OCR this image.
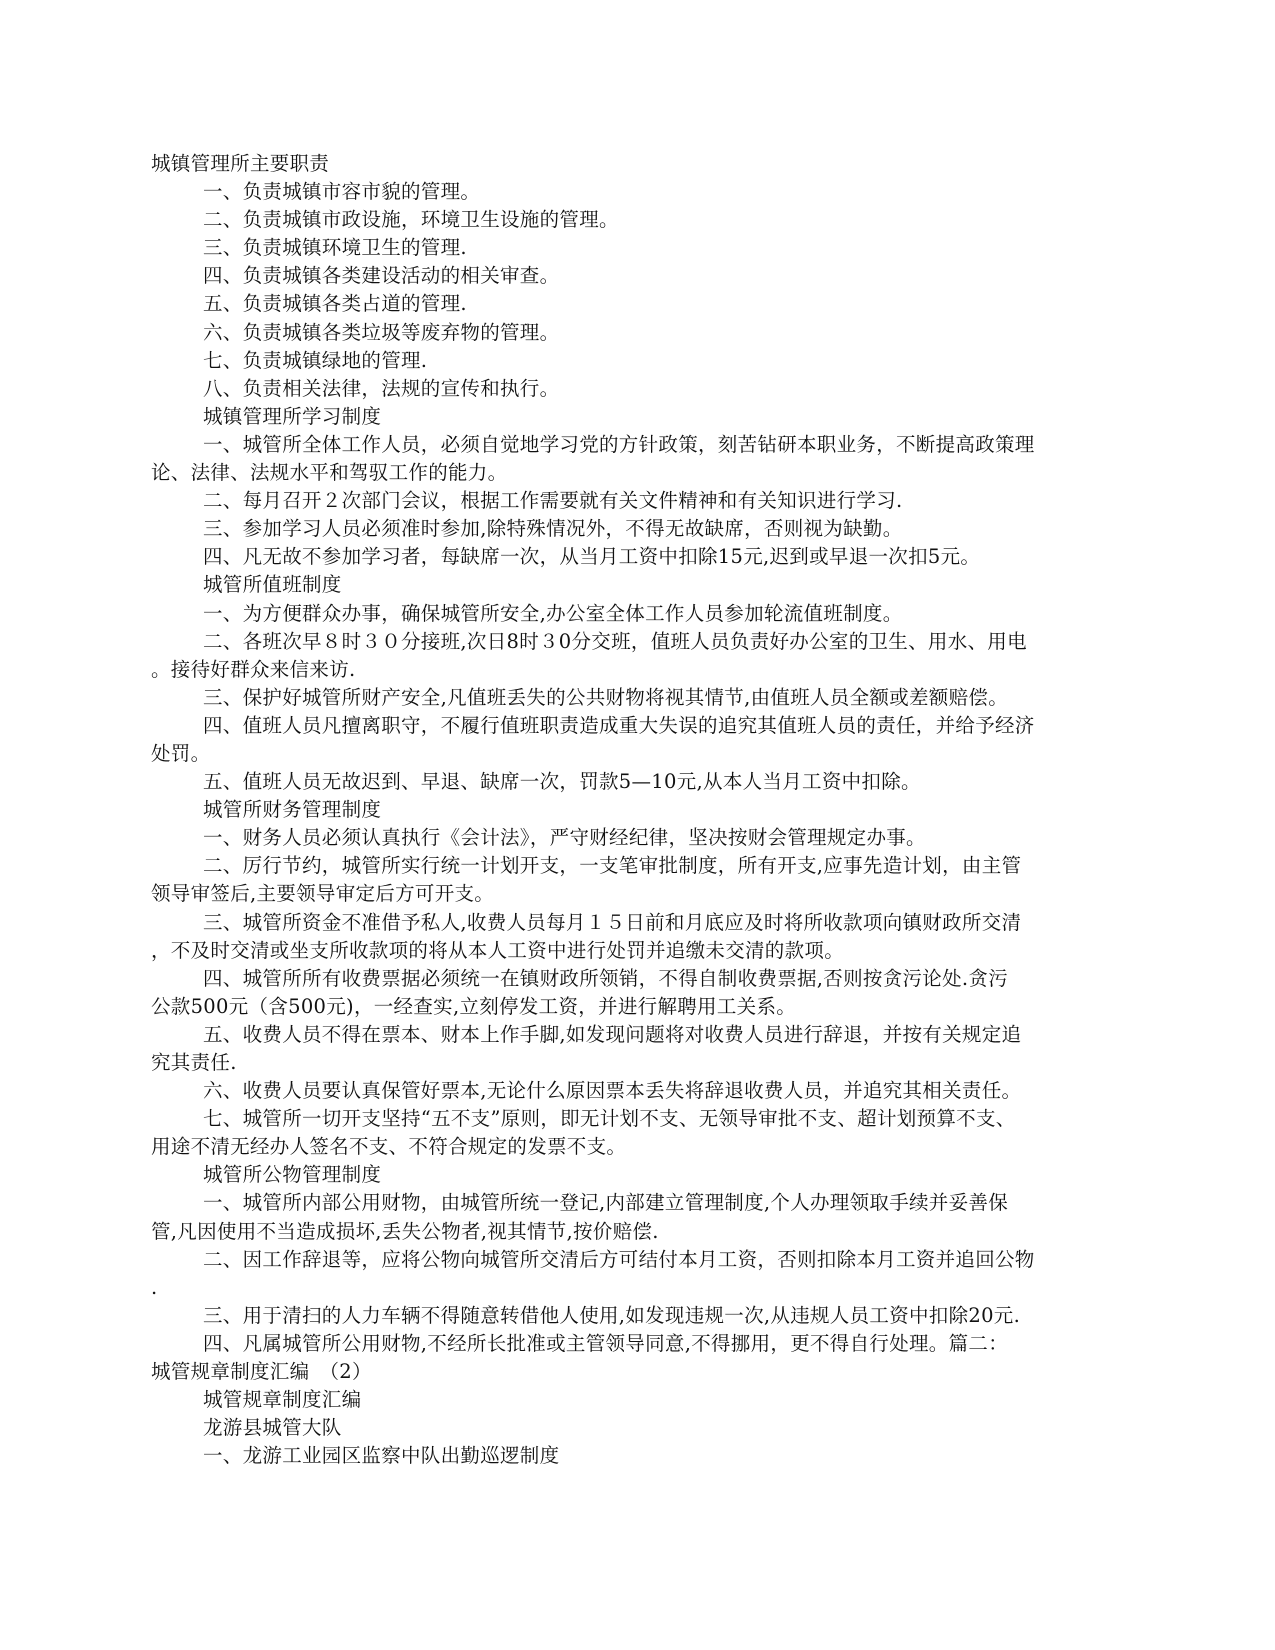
城镇管理所主要职责
一、负责城镇市容市貌的管理。
二、负责城镇市政设施，环境卫生设施的管理。
三、负责城镇环境卫生的管理.
四、负责城镇各类建设活动的相关审查。
五、负责城镇各类占道的管理.
六、负责城镇各类垃圾等废弃物的管理。
七、负责城镇绿地的管理.
八、负责相关法律，法规的宣传和执行。
城镇管理所学习制度
一、城管所全体工作人员，必须自觉地学习党的方针政策，刻苦钻研本职业务，不断提高政策理
论、法律、法规水平和驾驭工作的能力。
二、每月召开２次部门会议，根据工作需要就有关文件精神和有关知识进行学习.
三、参加学习人员必须准时参加,除特殊情况外，不得无故缺席，否则视为缺勤。
四、凡无故不参加学习者，每缺席一次，从当月工资中扣除15元,迟到或早退一次扣5元。
城管所值班制度
一、为方便群众办事，确保城管所安全,办公室全体工作人员参加轮流值班制度。
二、各班次早８时３０分接班,次日8时３0分交班，值班人员负责好办公室的卫生、用水、用电
。接待好群众来信来访.
三、保护好城管所财产安全,凡值班丢失的公共财物将视其情节,由值班人员全额或差额赔偿。
四、值班人员凡擅离职守，不履行值班职责造成重大失误的追究其值班人员的责任，并给予经济
处罚。
五、值班人员无故迟到、早退、缺席一次，罚款5—10元,从本人当月工资中扣除。
城管所财务管理制度
一、财务人员必须认真执行《会计法》，严守财经纪律，坚决按财会管理规定办事。
二、厉行节约，城管所实行统一计划开支，一支笔审批制度，所有开支,应事先造计划，由主管
领导审签后,主要领导审定后方可开支。
三、城管所资金不准借予私人,收费人员每月１５日前和月底应及时将所收款项向镇财政所交清
，不及时交清或坐支所收款项的将从本人工资中进行处罚并追缴未交清的款项。
四、城管所所有收费票据必须统一在镇财政所领销，不得自制收费票据,否则按贪污论处.贪污
公款500元（含500元)，一经查实,立刻停发工资，并进行解聘用工关系。
五、收费人员不得在票本、财本上作手脚,如发现问题将对收费人员进行辞退，并按有关规定追
究其责任.
六、收费人员要认真保管好票本,无论什么原因票本丢失将辞退收费人员，并追究其相关责任。
七、城管所一切开支坚持“五不支”原则，即无计划不支、无领导审批不支、超计划预算不支、
用途不清无经办人签名不支、不符合规定的发票不支。
城管所公物管理制度
一、城管所内部公用财物，由城管所统一登记,内部建立管理制度,个人办理领取手续并妥善保
管,凡因使用不当造成损坏,丢失公物者,视其情节,按价赔偿.
二、因工作辞退等，应将公物向城管所交清后方可结付本月工资，否则扣除本月工资并追回公物
.
三、用于清扫的人力车辆不得随意转借他人使用,如发现违规一次,从违规人员工资中扣除20元.
四、凡属城管所公用财物,不经所长批准或主管领导同意,不得挪用，更不得自行处理。篇二：
城管规章制度汇编　（2）
城管规章制度汇编
龙游县城管大队
一、龙游工业园区监察中队出勤巡逻制度
